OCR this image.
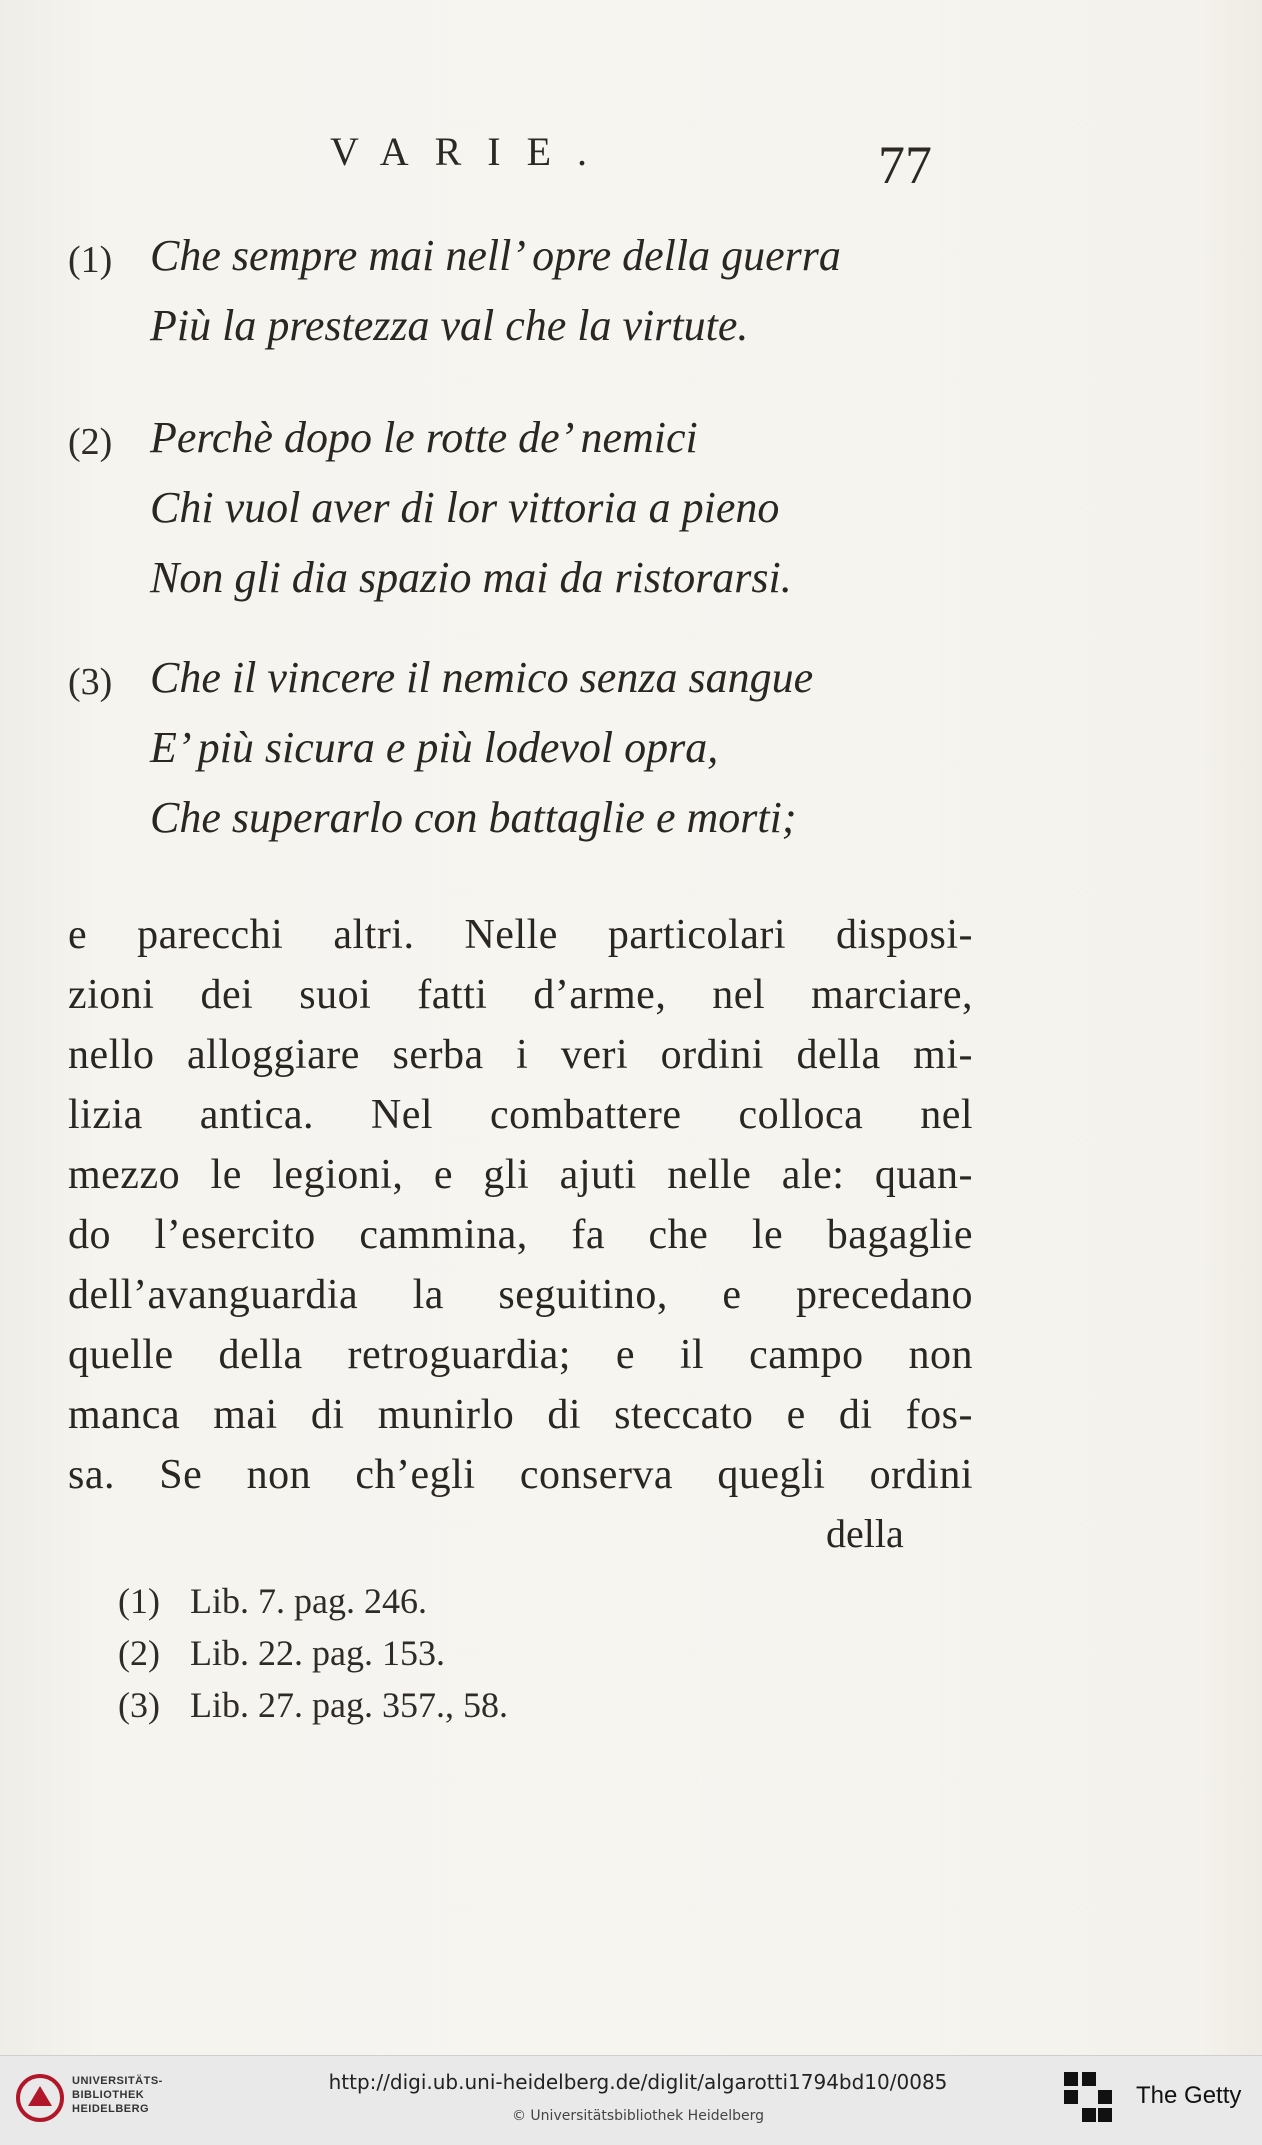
VARIE.	77
(1) Che sempre mai nell’ opre della guerra
Più la prestezza val che la virtute.
(2) Perchè dopo le rotte de’ nemici
Chi vuol aver di lor vittoria a pieno
Non gli dia spazio mai da ristorarsi.
(3) Che il vincere il nemico senza sangue
E’ più sicura e più lodevol opra,
Che superarlo con battaglie e morti;
e parecchi altri. Nelle particolari disposi-
zioni dei suoi fatti d’arme, nel marciare,
nello alloggiare serba i veri ordini della mi-
lizia antica. Nel combattere colloca nel
mezzo le legioni, e gli ajuti nelle ale: quan-
do l’esercito cammina, fa che le bagaglie
dell’avanguardia la seguitino, e precedano
quelle della retroguardia; e il campo non
manca mai di munirlo di steccato e di fos-
sa. Se non ch’egli conserva quegli ordini
della
(1) Lib. 7. pag. 246.
(2) Lib. 22. pag. 153.
(3) Lib. 27. pag. 357., 58.
UNIVERSITÄTS-
BIBLIOTHEK
HEIDELBERG
http://digi.ub.uni-heidelberg.de/diglit/algarotti1794bd10/0085
© Universitätsbibliothek Heidelberg
The Getty
